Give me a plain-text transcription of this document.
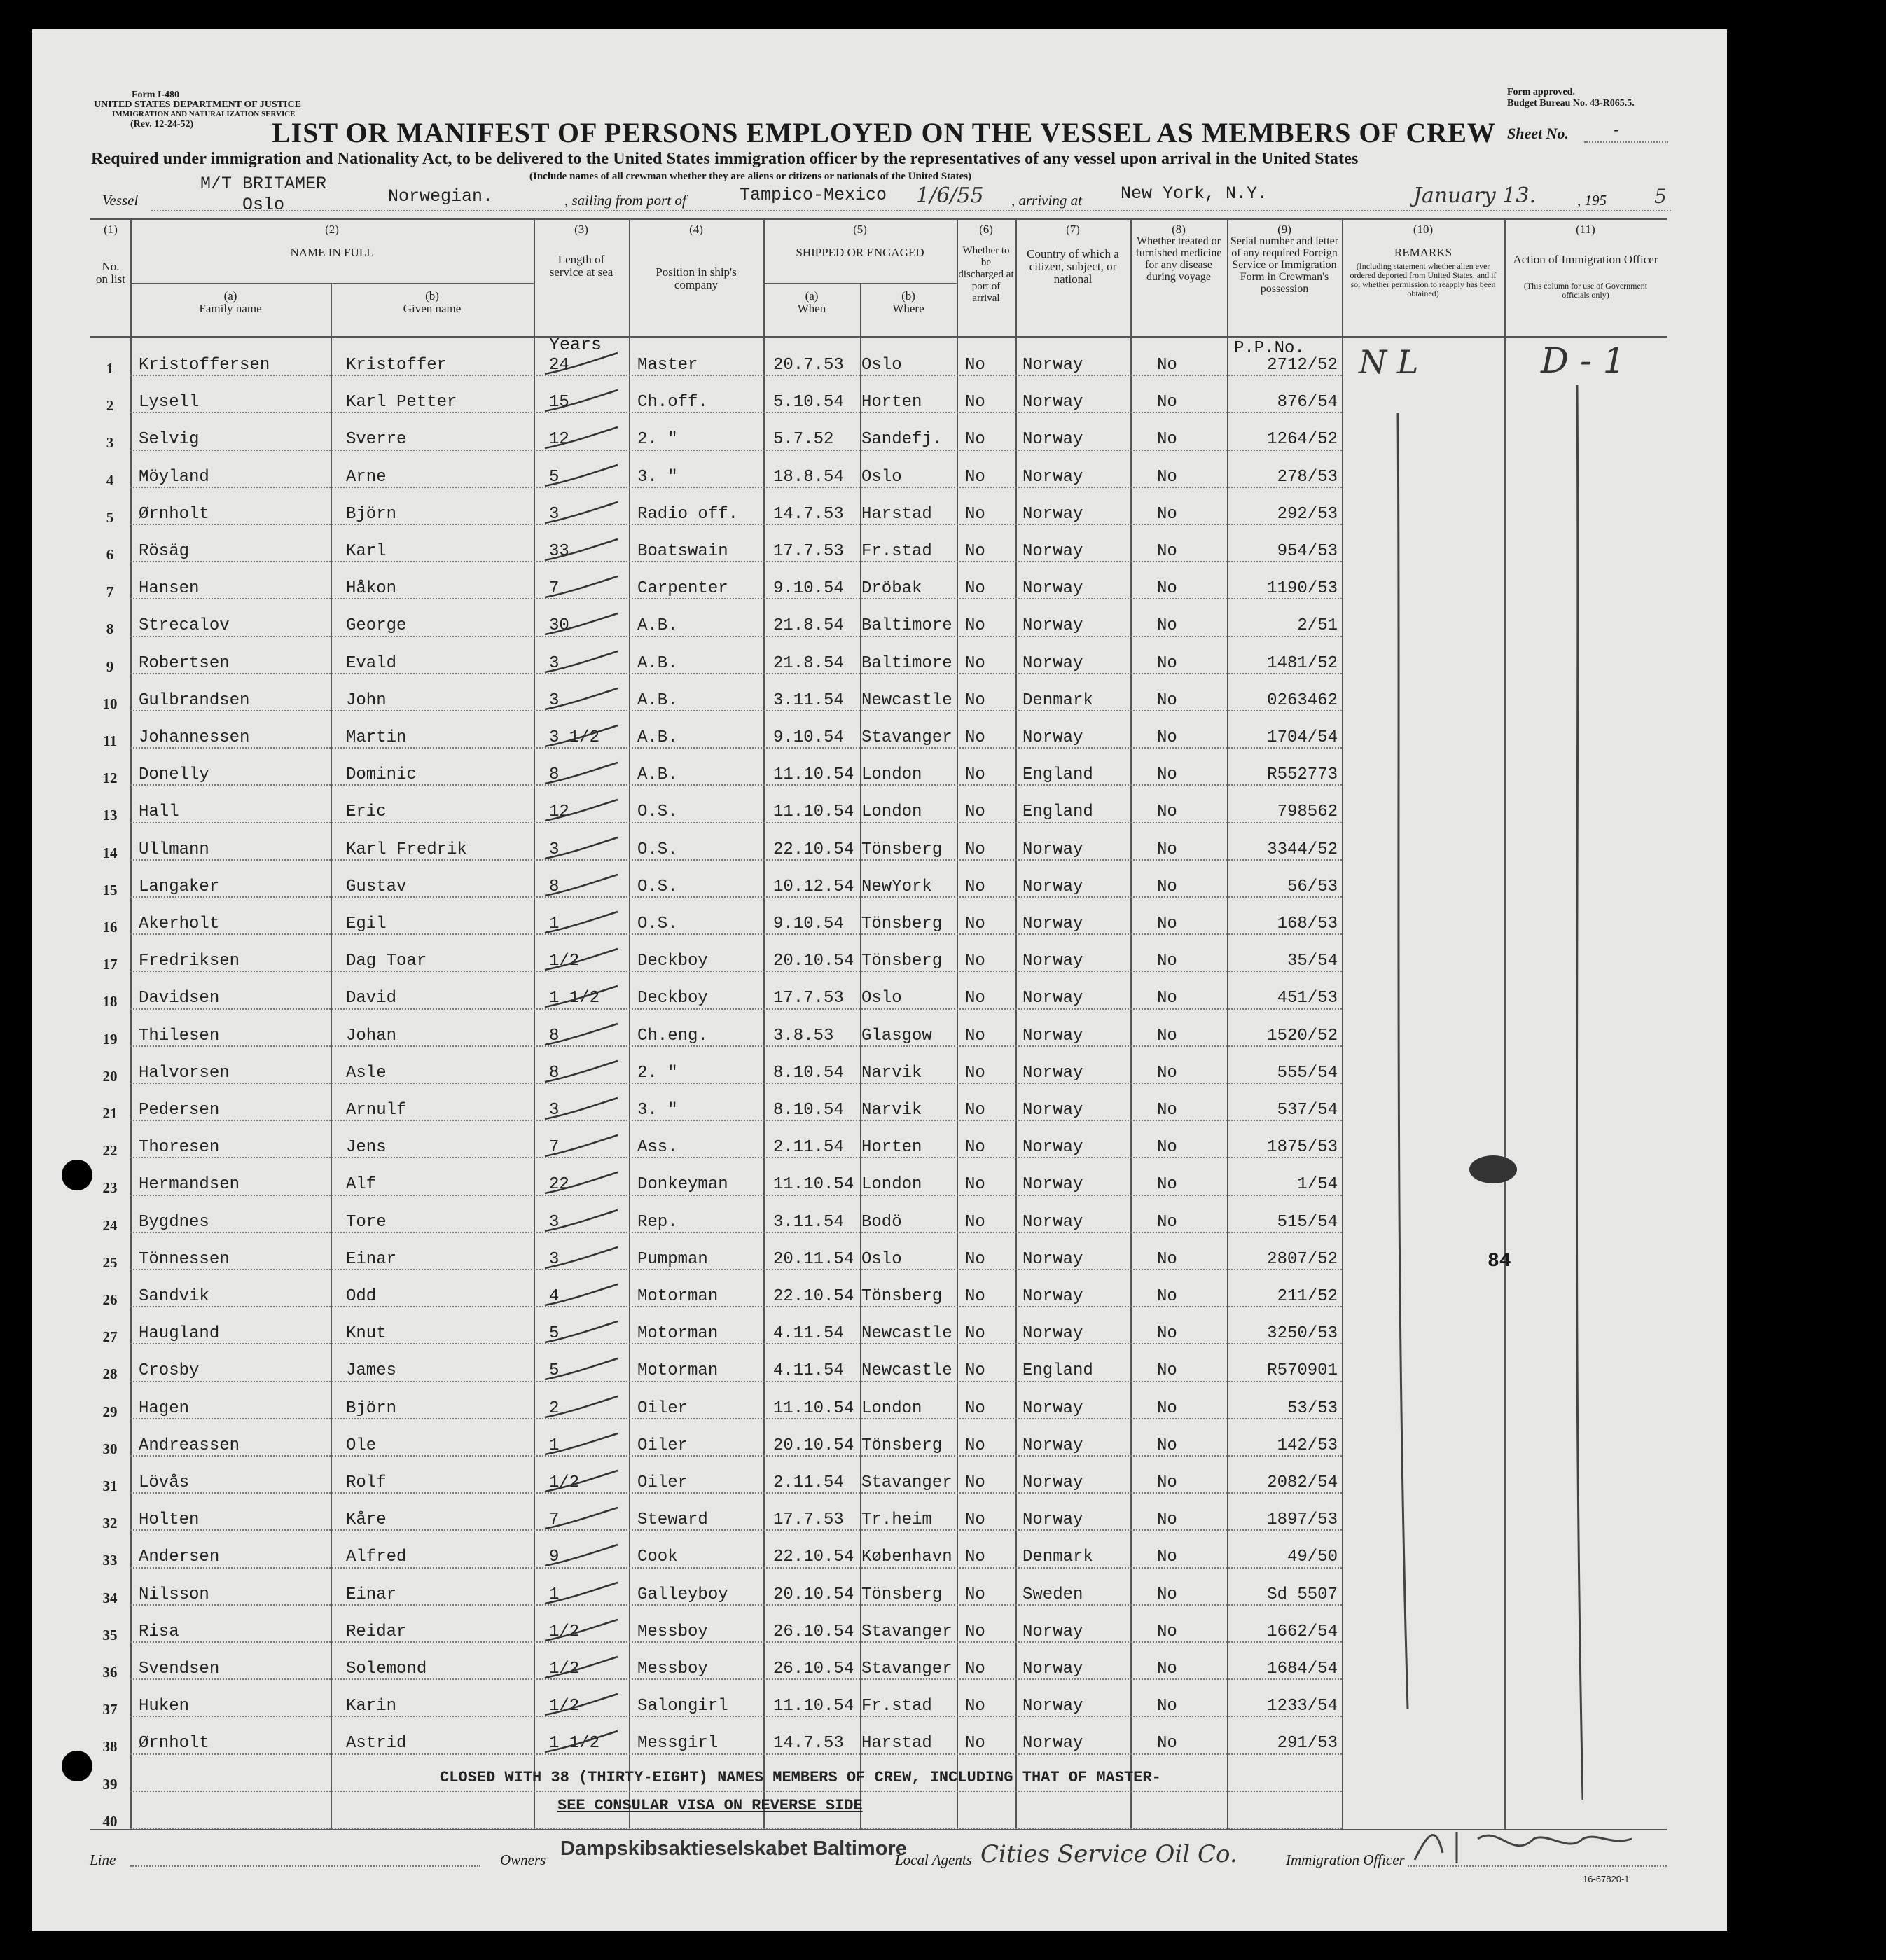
Form I-480
UNITED STATES DEPARTMENT OF JUSTICE
IMMIGRATION AND NATURALIZATION SERVICE
(Rev. 12-24-52)
Form approved.
Budget Bureau No. 43-R065.5.
LIST OR MANIFEST OF PERSONS EMPLOYED ON THE VESSEL AS MEMBERS OF CREW Sheet No.	-
Required under immigration and Nationality Act, to be delivered to the United States immigration officer by the representatives of any vessel upon arrival in the United States
(Include names of all crewman whether they are aliens or citizens or nationals of the United States)
M/T BRITAMER
Vessel	Oslo	Norwegian.	, sailing from port of	Tampico-Mexico 1/6/55 , arriving at New York, N.Y.	January 13.	, 195 5
(1)
No. on list
(2)
NAME IN FULL
(a)
Family name
(b)
Given name
(3)
Length of service at sea
(4)
Position in ship's company
(5)
SHIPPED OR ENGAGED
(a)
When
(b)
Where
(6)
Whether to be discharged at port of arrival
(7)
Country of which a citizen, subject, or national
(8)
Whether treated or furnished medicine for any disease during voyage
(9)
Serial number and letter of any required Foreign Service or Immigration Form in Crewman's possession
(10)
REMARKS
(Including statement whether alien ever ordered deported from United States, and if so, whether permission to reapply has been obtained)
(11)
Action of Immigration Officer
(This column for use of Government officials only)
Years	P.P.No.
1	Kristoffersen	Kristoffer	24	Master	20.7.53 Oslo	No Norway	No	2712/52
2	Lysell	Karl Petter	15	Ch.off.	5.10.54 Horten	No Norway	No	876/54
3	Selvig	Sverre	12	2. "	5.7.52 Sandefj. No Norway	No	1264/52
4	Möyland	Arne	5	3. "	18.8.54 Oslo	No Norway	No	278/53
5	Ørnholt	Björn	3	Radio off. 14.7.53 Harstad No Norway	No	292/53
6	Rösäg	Karl	33	Boatswain	17.7.53 Fr.stad No Norway	No	954/53
7	Hansen	Håkon	7	Carpenter	9.10.54 Dröbak	No Norway	No	1190/53
8	Strecalov	George	30	A.B.	21.8.54 Baltimore No Norway	No	2/51
9	Robertsen	Evald	3	A.B.	21.8.54 Baltimore No Norway	No	1481/52
10	Gulbrandsen	John	3	A.B.	3.11.54 Newcastle No Denmark	No	0263462
11	Johannessen	Martin	3 1/2 A.B.	9.10.54 Stavanger No Norway	No	1704/54
12	Donelly	Dominic	8	A.B.	11.10.54 London	No England	No	R552773
13	Hall	Eric	12	O.S.	11.10.54 London	No England	No	798562
14	Ullmann	Karl Fredrik	3	O.S.	22.10.54 Tönsberg No Norway	No	3344/52
15	Langaker	Gustav	8	O.S.	10.12.54 NewYork No Norway	No	56/53
16	Akerholt	Egil	1	O.S.	9.10.54 Tönsberg No Norway	No	168/53
17	Fredriksen	Dag Toar	1/2	Deckboy	20.10.54 Tönsberg No Norway	No	35/54
18	Davidsen	David	1 1/2 Deckboy	17.7.53 Oslo	No Norway	No	451/53
19	Thilesen	Johan	8	Ch.eng.	3.8.53 Glasgow No Norway	No	1520/52
20	Halvorsen	Asle	8	2. "	8.10.54 Narvik	No Norway	No	555/54
21	Pedersen	Arnulf	3	3. "	8.10.54 Narvik	No Norway	No	537/54
22	Thoresen	Jens	7	Ass.	2.11.54 Horten	No Norway	No	1875/53
23	Hermandsen	Alf	22	Donkeyman	11.10.54 London	No Norway	No	1/54
24	Bygdnes	Tore	3	Rep.	3.11.54 Bodö	No Norway	No	515/54
25	Tönnessen	Einar	3	Pumpman	20.11.54 Oslo	No Norway	No	2807/52
26	Sandvik	Odd	4	Motorman	22.10.54 Tönsberg No Norway	No	211/52
27	Haugland	Knut	5	Motorman	4.11.54 Newcastle No Norway	No	3250/53
28	Crosby	James	5	Motorman	4.11.54 Newcastle No England	No	R570901
29	Hagen	Björn	2	Oiler	11.10.54 London	No Norway	No	53/53
30	Andreassen	Ole	1	Oiler	20.10.54 Tönsberg No Norway	No	142/53
31	Lövås	Rolf	1/2	Oiler	2.11.54 Stavanger No Norway	No	2082/54
32	Holten	Kåre	7	Steward	17.7.53 Tr.heim No Norway	No	1897/53
33	Andersen	Alfred	9	Cook	22.10.54 København No Denmark	No	49/50
34	Nilsson	Einar	1	Galleyboy	20.10.54 Tönsberg No Sweden	No	Sd 5507
35	Risa	Reidar	1/2	Messboy	26.10.54 Stavanger No Norway	No	1662/54
36	Svendsen	Solemond	1/2	Messboy	26.10.54 Stavanger No Norway	No	1684/54
37	Huken	Karin	1/2	Salongirl	11.10.54 Fr.stad No Norway	No	1233/54
38	Ørnholt	Astrid	1 1/2 Messgirl	14.7.53 Harstad No Norway	No	291/53
39
40
CLOSED WITH 38 (THIRTY-EIGHT) NAMES MEMBERS OF CREW, INCLUDING THAT OF MASTER-
SEE CONSULAR VISA ON REVERSE SIDE
N L	D - 1
84
Line	Owners Dampskibsaktieselskabet Baltimore
Local Agents Cities Service Oil Co.	Immigration Officer
16-67820-1
